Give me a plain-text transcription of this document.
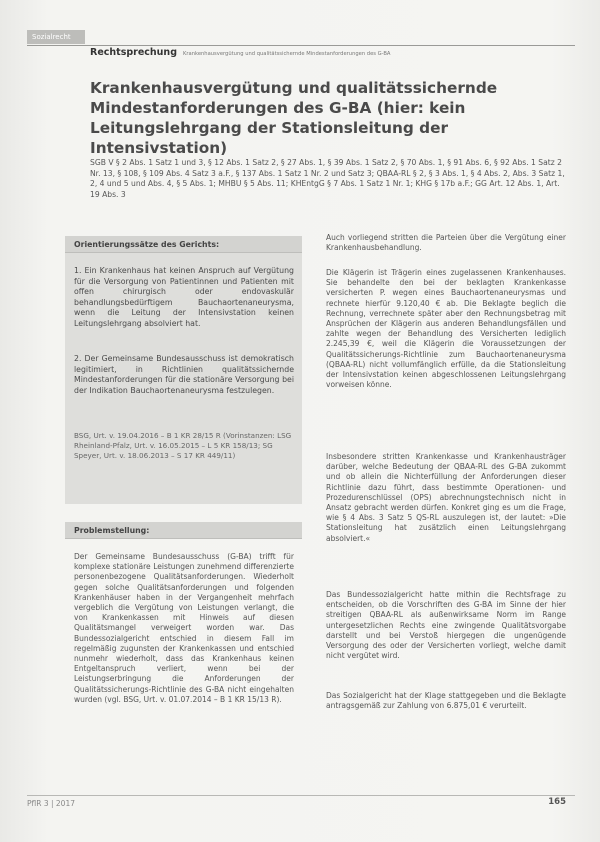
Sozialrecht
Rechtsprechung Krankenhausvergütung und qualitätssichernde Mindestanforderungen des G-BA
Krankenhausvergütung und qualitätssichernde Mindestanforderungen des G-BA (hier: kein Leitungslehrgang der Stationsleitung der Intensivstation)

SGB V § 2 Abs. 1 Satz 1 und 3, § 12 Abs. 1 Satz 2, § 27 Abs. 1, § 39 Abs. 1 Satz 2, § 70 Abs. 1, § 91 Abs. 6, § 92 Abs. 1 Satz 2 Nr. 13, § 108, § 109 Abs. 4 Satz 3 a.F., § 137 Abs. 1 Satz 1 Nr. 2 und Satz 3; QBAA-RL § 2, § 3 Abs. 1, § 4 Abs. 2, Abs. 3 Satz 1, 2, 4 und 5 und Abs. 4, § 5 Abs. 1; MHBU § 5 Abs. 11; KHEntgG § 7 Abs. 1 Satz 1 Nr. 1; KHG § 17b a.F.; GG Art. 12 Abs. 1, Art. 19 Abs. 3

Orientierungssätze des Gerichts:

1. Ein Krankenhaus hat keinen Anspruch auf Vergütung für die Versorgung von Patientinnen und Patienten mit offen chirurgisch oder endovaskulär behandlungsbedürftigem Bauchaortenaneurysma, wenn die Leitung der Intensivstation keinen Leitungslehrgang absolviert hat.

2. Der Gemeinsame Bundesausschuss ist demokratisch legitimiert, in Richtlinien qualitätssichernde Mindestanforderungen für die stationäre Versorgung bei der Indikation Bauchaortenaneurysma festzulegen.

BSG, Urt. v. 19.04.2016 – B 1 KR 28/15 R (Vorinstanzen: LSG Rheinland-Pfalz, Urt. v. 16.05.2015 – L 5 KR 158/13; SG Speyer, Urt. v. 18.06.2013 – S 17 KR 449/11)

Problemstellung:

Der Gemeinsame Bundesausschuss (G-BA) trifft für komplexe stationäre Leistungen zunehmend differenzierte personenbezogene Qualitätsanforderungen. Wiederholt gegen solche Qualitätsanforderungen und folgenden Krankenhäuser haben in der Vergangenheit mehrfach vergeblich die Vergütung von Leistungen verlangt, die von Krankenkassen mit Hinweis auf diesen Qualitätsmangel verweigert worden war. Das Bundessozialgericht entschied in diesem Fall im regelmäßig zugunsten der Krankenkassen und entschied nunmehr wiederholt, dass das Krankenhaus keinen Entgeltanspruch verliert, wenn bei der Leistungserbringung die Anforderungen der Qualitätssicherungs-Richtlinie des G-BA nicht eingehalten wurden (vgl. BSG, Urt. v. 01.07.2014 – B 1 KR 15/13 R).

Auch vorliegend stritten die Parteien über die Vergütung einer Krankenhausbehandlung.

Die Klägerin ist Trägerin eines zugelassenen Krankenhauses. Sie behandelte den bei der beklagten Krankenkasse versicherten P. wegen eines Bauchaortenaneurysmas und rechnete hierfür 9.120,40 € ab. Die Beklagte beglich die Rechnung, verrechnete später aber den Rechnungsbetrag mit Ansprüchen der Klägerin aus anderen Behandlungsfällen und zahlte wegen der Behandlung des Versicherten lediglich 2.245,39 €, weil die Klägerin die Voraussetzungen der Qualitätssicherungs-Richtlinie zum Bauchaortenaneurysma (QBAA-RL) nicht vollumfänglich erfülle, da die Stationsleitung der Intensivstation keinen abgeschlossenen Leitungslehrgang vorweisen könne.

Insbesondere stritten Krankenkasse und Krankenhausträger darüber, welche Bedeutung der QBAA-RL des G-BA zukommt und ob allein die Nichterfüllung der Anforderungen dieser Richtlinie dazu führt, dass bestimmte Operationen- und Prozedurenschlüssel (OPS) abrechnungstechnisch nicht in Ansatz gebracht werden dürfen. Konkret ging es um die Frage, wie § 4 Abs. 3 Satz 5 QS-RL auszulegen ist, der lautet: »Die Stationsleitung hat zusätzlich einen Leitungslehrgang absolviert.«

Das Bundessozialgericht hatte mithin die Rechtsfrage zu entscheiden, ob die Vorschriften des G-BA im Sinne der hier streitigen QBAA-RL als außenwirksame Norm im Range untergesetzlichen Rechts eine zwingende Qualitätsvorgabe darstellt und bei Verstoß hiergegen die ungenügende Versorgung des oder der Versicherten vorliegt, welche damit nicht vergütet wird.

Das Sozialgericht hat der Klage stattgegeben und die Beklagte antragsgemäß zur Zahlung von 6.875,01 € verurteilt.

PflR 3 | 2017	165
